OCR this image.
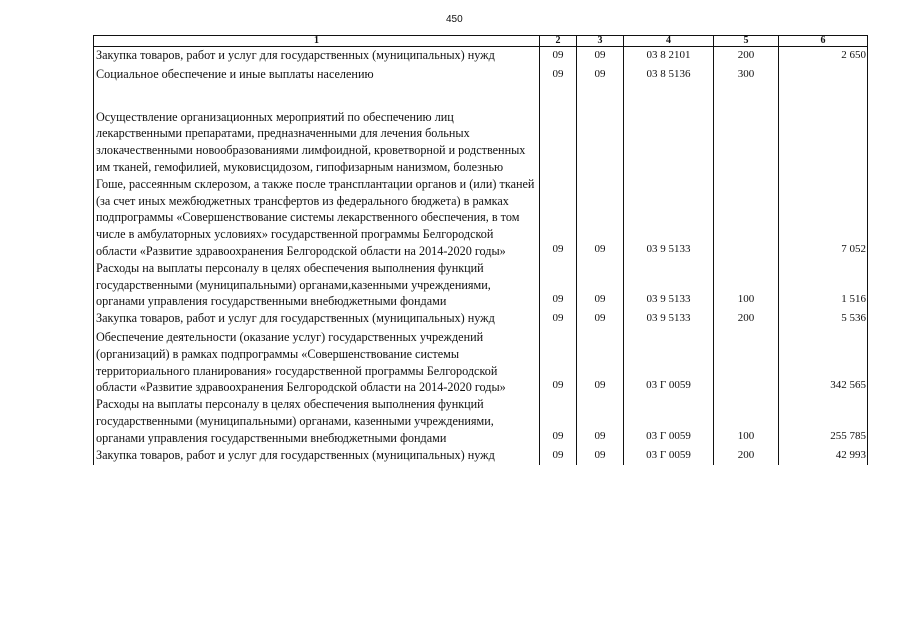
450
1	2	3	4	5	6
Закупка товаров, работ и услуг для государственных (муниципальных) нужд	09	09	03 8 2101	200	2 650
Социальное обеспечение и иные выплаты населению	09	09	03 8 5136	300	
Осуществление организационных мероприятий по обеспечению лиц лекарственными препаратами, предназначенными для лечения больных злокачественными новообразованиями лимфоидной, кроветворной и родственных им тканей, гемофилией, муковисцидозом, гипофизарным нанизмом, болезнью Гоше, рассеянным склерозом, а также после трансплантации органов и (или) тканей (за счет иных межбюджетных трансфертов из федерального бюджета) в рамках подпрограммы «Совершенствование системы лекарственного обеспечения, в том числе в амбулаторных условиях» государственной программы Белгородской области «Развитие здравоохранения Белгородской области на 2014-2020 годы»	09	09	03 9 5133		7 052
Расходы на выплаты персоналу в целях обеспечения выполнения функций государственными (муниципальными) органами,казенными учреждениями, органами управления государственными внебюджетными фондами	09	09	03 9 5133	100	1 516
Закупка товаров, работ и услуг для государственных (муниципальных) нужд	09	09	03 9 5133	200	5 536
Обеспечение деятельности (оказание услуг) государственных учреждений (организаций) в рамках подпрограммы «Совершенствование системы территориального планирования» государственной программы Белгородской области «Развитие здравоохранения Белгородской области на 2014-2020 годы»	09	09	03 Г 0059		342 565
Расходы на выплаты персоналу в целях обеспечения выполнения функций государственными (муниципальными) органами, казенными учреждениями, органами управления государственными внебюджетными фондами	09	09	03 Г 0059	100	255 785
Закупка товаров, работ и услуг для государственных (муниципальных) нужд	09	09	03 Г 0059	200	42 993
